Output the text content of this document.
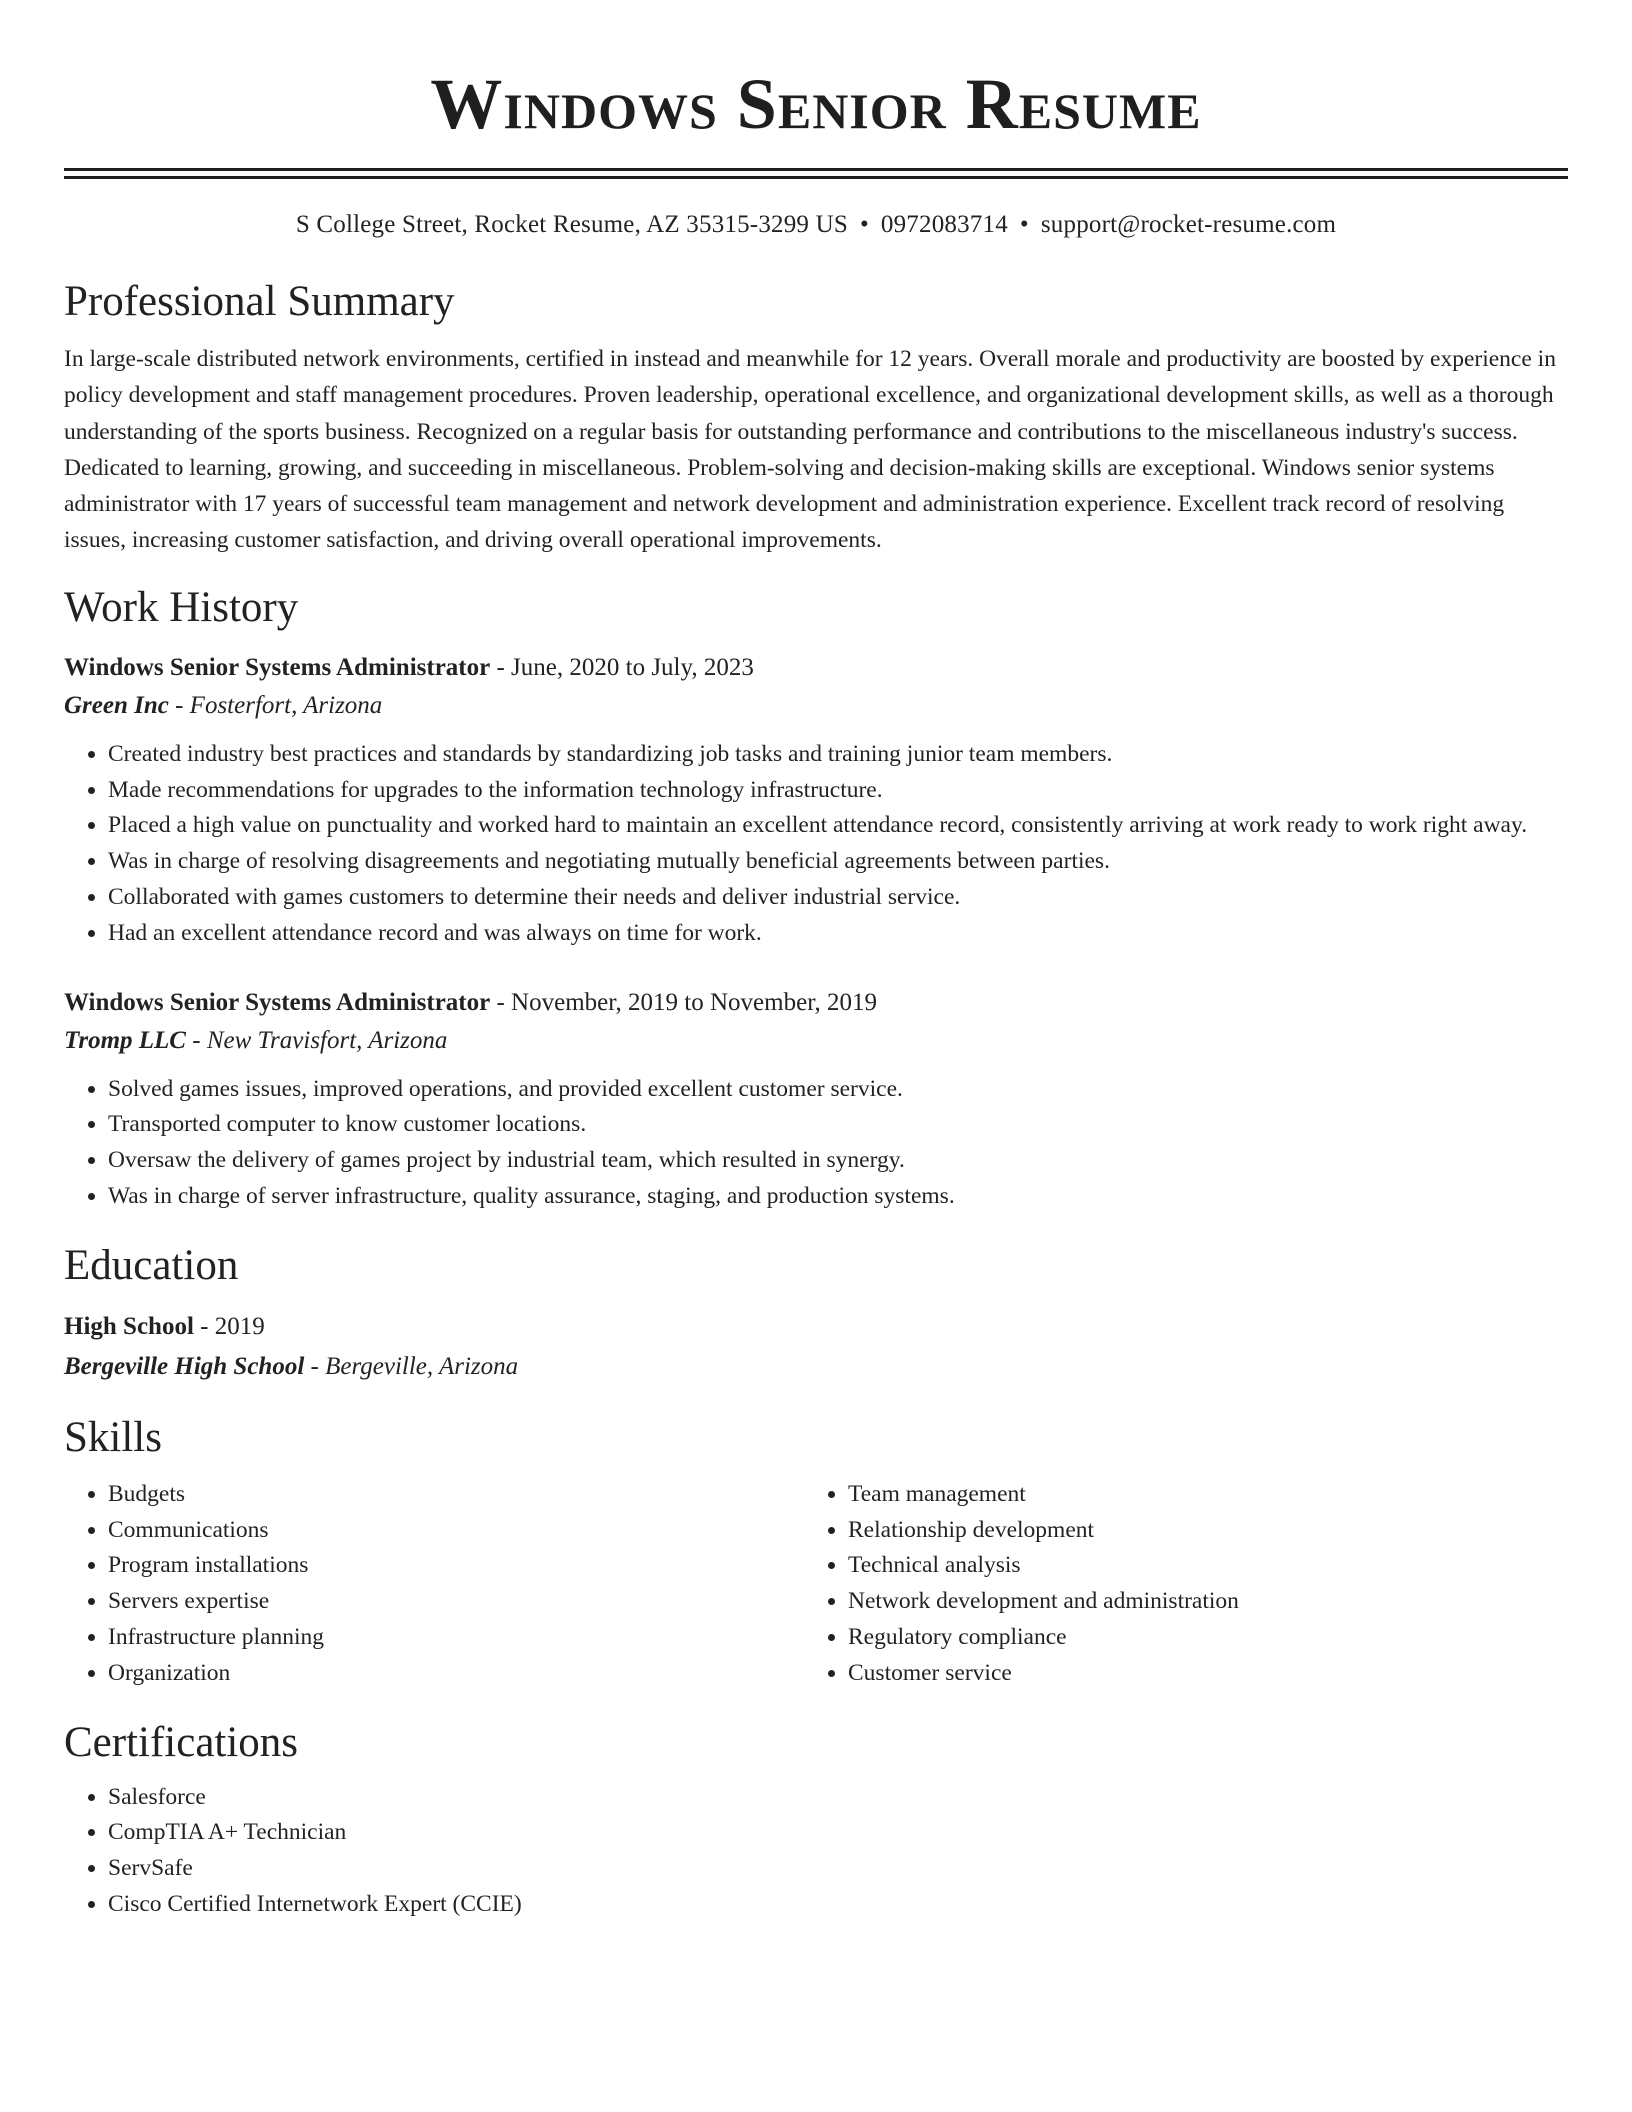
Windows Senior Resume
S College Street, Rocket Resume, AZ 35315-3299 US • 0972083714 • support@rocket-resume.com
Professional Summary

In large-scale distributed network environments, certified in instead and meanwhile for 12 years. Overall morale and productivity are boosted by experience in policy development and staff management procedures. Proven leadership, operational excellence, and organizational development skills, as well as a thorough understanding of the sports business. Recognized on a regular basis for outstanding performance and contributions to the miscellaneous industry's success. Dedicated to learning, growing, and succeeding in miscellaneous. Problem-solving and decision-making skills are exceptional. Windows senior systems administrator with 17 years of successful team management and network development and administration experience. Excellent track record of resolving issues, increasing customer satisfaction, and driving overall operational improvements.

Work History
Windows Senior Systems Administrator - June, 2020 to July, 2023
Green Inc - Fosterfort, Arizona
• Created industry best practices and standards by standardizing job tasks and training junior team members.
• Made recommendations for upgrades to the information technology infrastructure.
• Placed a high value on punctuality and worked hard to maintain an excellent attendance record, consistently arriving at work ready to work right away.
• Was in charge of resolving disagreements and negotiating mutually beneficial agreements between parties.
• Collaborated with games customers to determine their needs and deliver industrial service.
• Had an excellent attendance record and was always on time for work.
Windows Senior Systems Administrator - November, 2019 to November, 2019
Tromp LLC - New Travisfort, Arizona
• Solved games issues, improved operations, and provided excellent customer service.
• Transported computer to know customer locations.
• Oversaw the delivery of games project by industrial team, which resulted in synergy.
• Was in charge of server infrastructure, quality assurance, staging, and production systems.
Education
High School - 2019
Bergeville High School - Bergeville, Arizona
Skills
• Budgets
• Communications
• Program installations
• Servers expertise
• Infrastructure planning
• Organization
• Team management
• Relationship development
• Technical analysis
• Network development and administration
• Regulatory compliance
• Customer service
Certifications
• Salesforce
• CompTIA A+ Technician
• ServSafe
• Cisco Certified Internetwork Expert (CCIE)
